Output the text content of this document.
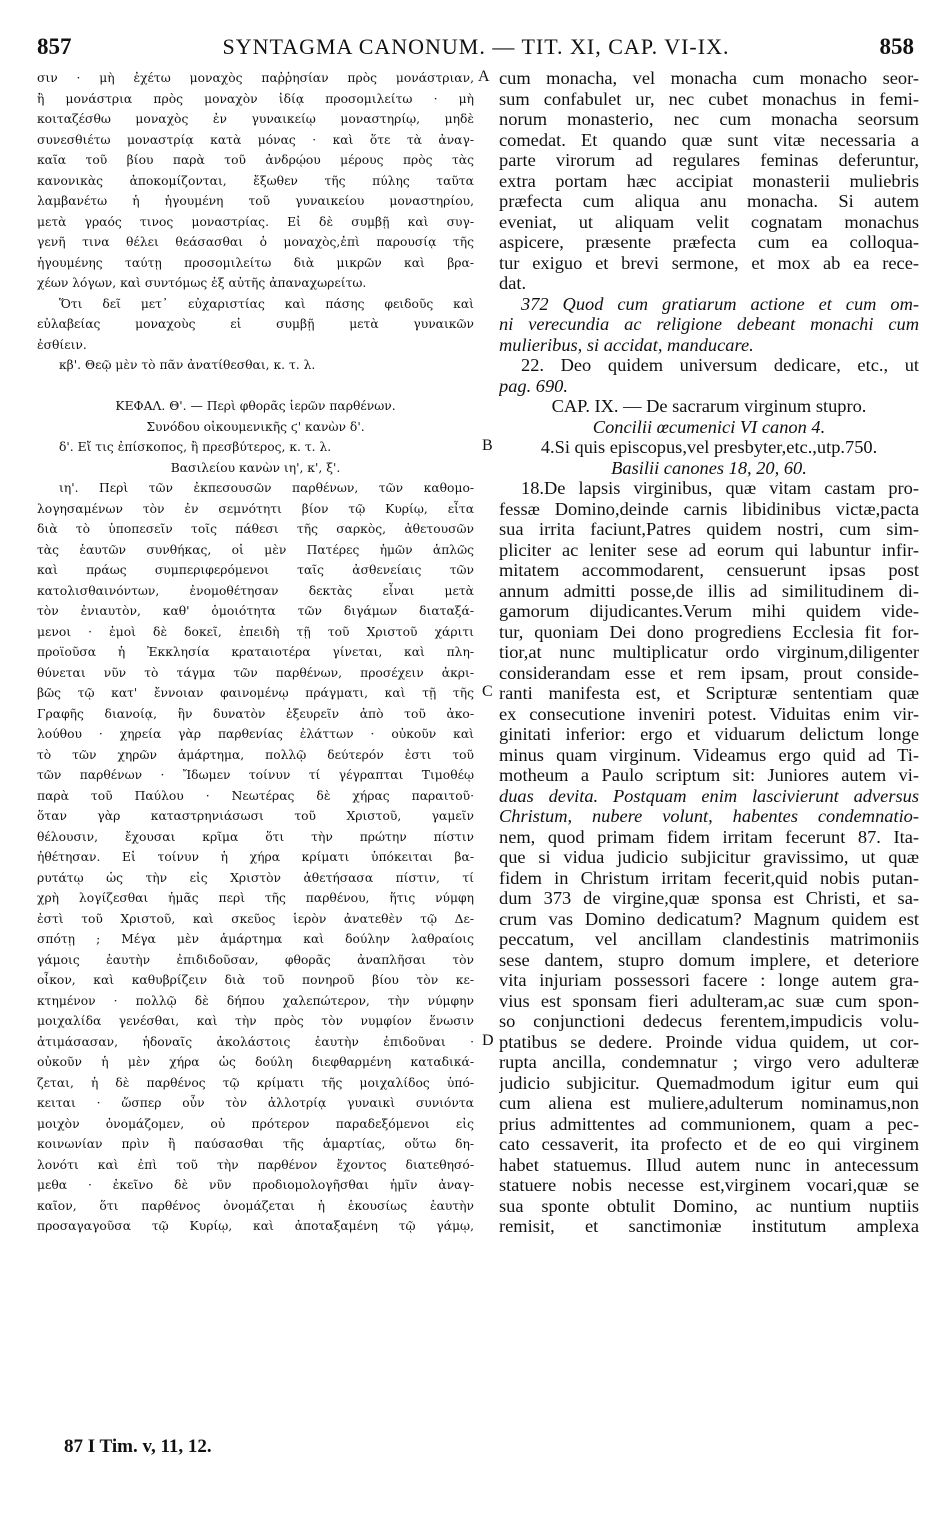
857	SYNTAGMA CANONUM. — TIT. XI, CAP. VI-IX.	858
σιν · μὴ ἐχέτω μοναχὸς παῤῥησίαν πρὸς μονάστριαν,
ἢ μονάστρια πρὸς μοναχὸν ἰδίᾳ προσομιλείτω · μὴ
κοιταζέσθω μοναχὸς ἐν γυναικείῳ μοναστηρίῳ, μηδὲ
συνεσθιέτω μοναστρίᾳ κατὰ μόνας · καὶ ὅτε τὰ ἀναγ-
καῖα τοῦ βίου παρὰ τοῦ ἀνδρῴου μέρους πρὸς τὰς
κανονικὰς ἀποκομίζονται, ἔξωθεν τῆς πύλης ταῦτα
λαμβανέτω ἡ ἡγουμένη τοῦ γυναικείου μοναστηρίου,
μετὰ γραός τινος μοναστρίας. Εἰ δὲ συμβῇ καὶ συγ-
γενῆ τινα θέλει θεάσασθαι ὁ μοναχὸς,ἐπὶ παρουσίᾳ τῆς
ἡγουμένης ταύτῃ προσομιλείτω διὰ μικρῶν καὶ βρα-
χέων λόγων, καὶ συντόμως ἐξ αὐτῆς ἀπαναχωρείτω.
Ὅτι δεῖ μετ᾽ εὐχαριστίας καὶ πάσης φειδοῦς καὶ
εὐλαβείας μοναχοὺς εἰ συμβῇ μετὰ γυναικῶν
ἐσθίειν.
κβ'. Θεῷ μὲν τὸ πᾶν ἀνατίθεσθαι, κ. τ. λ.
ΚΕΦΑΛ. Θ'. — Περὶ φθορᾶς ἱερῶν παρθένων.
Συνόδου οἰκουμενικῆς ϛ' κανὼν δ'.
δ'. Εἴ τις ἐπίσκοπος, ἢ πρεσβύτερος, κ. τ. λ.
Βασιλείου κανὼν ιη', κ', ξ'.
ιη'. Περὶ τῶν ἐκπεσουσῶν παρθένων, τῶν καθομο-
λογησαμένων τὸν ἐν σεμνότητι βίον τῷ Κυρίῳ, εἶτα
διὰ τὸ ὑποπεσεῖν τοῖς πάθεσι τῆς σαρκὸς, ἀθετουσῶν
τὰς ἑαυτῶν συνθήκας, οἱ μὲν Πατέρες ἡμῶν ἁπλῶς
καὶ πράως συμπεριφερόμενοι ταῖς ἀσθενείαις τῶν
κατολισθαινόντων, ἐνομοθέτησαν δεκτὰς εἶναι μετὰ
τὸν ἐνιαυτὸν, καθ' ὁμοιότητα τῶν διγάμων διαταξά-
μενοι · ἐμοὶ δὲ δοκεῖ, ἐπειδὴ τῇ τοῦ Χριστοῦ χάριτι
προϊοῦσα ἡ Ἐκκλησία κραταιοτέρα γίνεται, καὶ πλη-
θύνεται νῦν τὸ τάγμα τῶν παρθένων, προσέχειν ἀκρι-
βῶς τῷ κατ' ἔννοιαν φαινομένῳ πράγματι, καὶ τῇ τῆς
Γραφῆς διανοίᾳ, ἣν δυνατὸν ἐξευρεῖν ἀπὸ τοῦ ἀκο-
λούθου · χηρεία γὰρ παρθενίας ἐλάττων · οὐκοῦν καὶ
τὸ τῶν χηρῶν ἁμάρτημα, πολλῷ δεύτερόν ἐστι τοῦ
τῶν παρθένων · Ἴδωμεν τοίνυν τί γέγραπται Τιμοθέῳ
παρὰ τοῦ Παύλου · Νεωτέρας δὲ χήρας παραιτοῦ·
ὅταν γὰρ καταστρηνιάσωσι τοῦ Χριστοῦ, γαμεῖν
θέλουσιν, ἔχουσαι κρῖμα ὅτι τὴν πρώτην πίστιν
ἠθέτησαν. Εἰ τοίνυν ἡ χήρα κρίματι ὑπόκειται βα-
ρυτάτῳ ὡς τὴν εἰς Χριστὸν ἀθετήσασα πίστιν, τί
χρὴ λογίζεσθαι ἡμᾶς περὶ τῆς παρθένου, ἥτις νύμφη
ἐστὶ τοῦ Χριστοῦ, καὶ σκεῦος ἱερὸν ἀνατεθὲν τῷ Δε-
σπότῃ ; Μέγα μὲν ἁμάρτημα καὶ δούλην λαθραίοις
γάμοις ἑαυτὴν ἐπιδιδοῦσαν, φθορᾶς ἀναπλῆσαι τὸν
οἶκον, καὶ καθυβρίζειν διὰ τοῦ πονηροῦ βίου τὸν κε-
κτημένον · πολλῷ δὲ δήπου χαλεπώτερον, τὴν νύμφην
μοιχαλίδα γενέσθαι, καὶ τὴν πρὸς τὸν νυμφίον ἕνωσιν
ἀτιμάσασαν, ἡδοναῖς ἀκολάστοις ἑαυτὴν ἐπιδοῦναι ·
οὐκοῦν ἡ μὲν χήρα ὡς δούλη διεφθαρμένη καταδικά-
ζεται, ἡ δὲ παρθένος τῷ κρίματι τῆς μοιχαλίδος ὑπό-
κειται · ὥσπερ οὖν τὸν ἀλλοτρίᾳ γυναικὶ συνιόντα
μοιχὸν ὀνομάζομεν, οὐ πρότερον παραδεξόμενοι εἰς
κοινωνίαν πρὶν ἢ παύσασθαι τῆς ἁμαρτίας, οὕτω δη-
λονότι καὶ ἐπὶ τοῦ τὴν παρθένον ἔχοντος διατεθησό-
μεθα · ἐκεῖνο δὲ νῦν προδιομολογῆσθαι ἡμῖν ἀναγ-
καῖον, ὅτι παρθένος ὀνομάζεται ἡ ἑκουσίως ἑαυτὴν
προσαγαγοῦσα τῷ Κυρίῳ, καὶ ἀποταξαμένη τῷ γάμῳ,
A
B
C
D
cum monacha, vel monacha cum monacho seor-
sum confabulet ur, nec cubet monachus in femi-
norum monasterio, nec cum monacha seorsum
comedat. Et quando quæ sunt vitæ necessaria a
parte virorum ad regulares feminas deferuntur,
extra portam hæc accipiat monasterii muliebris
præfecta cum aliqua anu monacha. Si autem
eveniat, ut aliquam velit cognatam monachus
aspicere, præsente præfecta cum ea colloqua-
tur exiguo et brevi sermone, et mox ab ea rece-
dat.
372 Quod cum gratiarum actione et cum om-
ni verecundia ac religione debeant monachi cum
mulieribus, si accidat, manducare.
22. Deo quidem universum dedicare, etc., ut
pag. 690.
CAP. IX. — De sacrarum virginum stupro.
Concilii œcumenici VI canon 4.
4.Si quis episcopus,vel presbyter,etc.,utp.750.
Basilii canones 18, 20, 60.
18.De lapsis virginibus, quæ vitam castam pro-
fessæ Domino,deinde carnis libidinibus victæ,pacta
sua irrita faciunt,Patres quidem nostri, cum sim-
pliciter ac leniter sese ad eorum qui labuntur infir-
mitatem accommodarent, censuerunt ipsas post
annum admitti posse,de illis ad similitudinem di-
gamorum dijudicantes.Verum mihi quidem vide-
tur, quoniam Dei dono progrediens Ecclesia fit for-
tior,at nunc multiplicatur ordo virginum,diligenter
considerandam esse et rem ipsam, prout conside-
ranti manifesta est, et Scripturæ sententiam quæ
ex consecutione inveniri potest. Viduitas enim vir-
ginitati inferior: ergo et viduarum delictum longe
minus quam virginum. Videamus ergo quid ad Ti-
motheum a Paulo scriptum sit: Juniores autem vi-
duas devita. Postquam enim lascivierunt adversus
Christum, nubere volunt, habentes condemnatio-
nem, quod primam fidem irritam fecerunt 87. Ita-
que si vidua judicio subjicitur gravissimo, ut quæ
fidem in Christum irritam fecerit,quid nobis putan-
dum 373 de virgine,quæ sponsa est Christi, et sa-
crum vas Domino dedicatum? Magnum quidem est
peccatum, vel ancillam clandestinis matrimoniis
sese dantem, stupro domum implere, et deteriore
vita injuriam possessori facere : longe autem gra-
vius est sponsam fieri adulteram,ac suæ cum spon-
so conjunctioni dedecus ferentem,impudicis volu-
ptatibus se dedere. Proinde vidua quidem, ut cor-
rupta ancilla, condemnatur ; virgo vero adulteræ
judicio subjicitur. Quemadmodum igitur eum qui
cum aliena est muliere,adulterum nominamus,non
prius admittentes ad communionem, quam a pec-
cato cessaverit, ita profecto et de eo qui virginem
habet statuemus. Illud autem nunc in antecessum
statuere nobis necesse est,virginem vocari,quæ se
sua sponte obtulit Domino, ac nuntium nuptiis
remisit, et sanctimoniæ institutum amplexa
87 I Tim. v, 11, 12.
